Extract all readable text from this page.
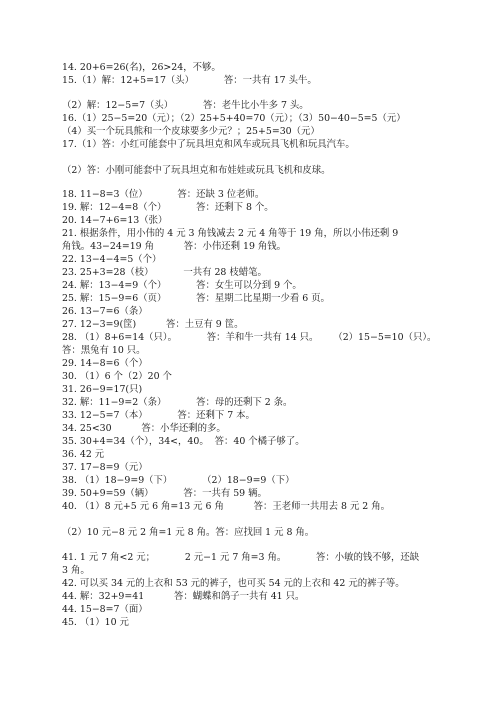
14. 20+6=26(名)，26>24，不够。
15.（1）解：12+5=17（头）          答：一共有 17 头牛。
（2）解：12−5=7（头）          答：老牛比小牛多 7 头。
16.（1）25−5=20（元）；（2）25+5+40=70（元）；（3）50−40−5=5（元）
（4）买一个玩具熊和一个皮球要多少元？；25+5=30（元）
17.（1）答：小红可能套中了玩具坦克和风车或玩具飞机和玩具汽车。
（2）答：小刚可能套中了玩具坦克和布娃娃或玩具飞机和皮球。
18. 11−8=3（位）          答：还缺 3 位老师。
19. 解：12−4=8（个）          答：还剩下 8 个。
20. 14−7+6=13（张）
21. 根据条件，用小伟的 4 元 3 角钱减去 2 元 4 角等于 19 角，所以小伟还剩 9
角钱。43−24=19 角          答：小伟还剩 19 角钱。
22. 13−4−4=5（个）
23. 25+3=28（枝）          一共有 28 枝蜡笔。
24. 解：13−4=9（个）          答：女生可以分到 9 个。
25. 解：15−9=6（页）          答：星期二比星期一少看 6 页。
26. 13−7=6（条）
27. 12−3=9(筐)          答：土豆有 9 筐。
28. （1）8+6=14（只）。          答：羊和牛一共有 14 只。     （2）15−5=10（只）。
答：黑兔有 10 只。
29. 14−8=6（个）
30. （1）6 个（2）20 个
31. 26−9=17(只)
32. 解：11−9=2（条）          答：母的还剩下 2 条。
33. 12−5=7（本）          答：还剩下 7 本。
34. 25<30          答：小华还剩的多。
35. 30+4=34（个），34<，40。  答：40 个橘子够了。
36. 42 元
37. 17−8=9（元）
38. （1）18−9=9（下）          （2）18−9=9（下）
39. 50+9=59（辆）          答：一共有 59 辆。
40. （1）8 元+5 元 6 角=13 元 6 角          答：王老师一共用去 8 元 2 角。
（2）10 元−8 元 2 角=1 元 8 角。答：应找回 1 元 8 角。
41. 1 元 7 角<2 元；          2 元−1 元 7 角=3 角。          答：小敏的钱不够，还缺
3 角。
42. 可以买 34 元的上衣和 53 元的裤子，也可买 54 元的上衣和 42 元的裤子等。
44. 解：32+9=41          答：蝴蝶和鸽子一共有 41 只。
44. 15−8=7（面）
45. （1）10 元
